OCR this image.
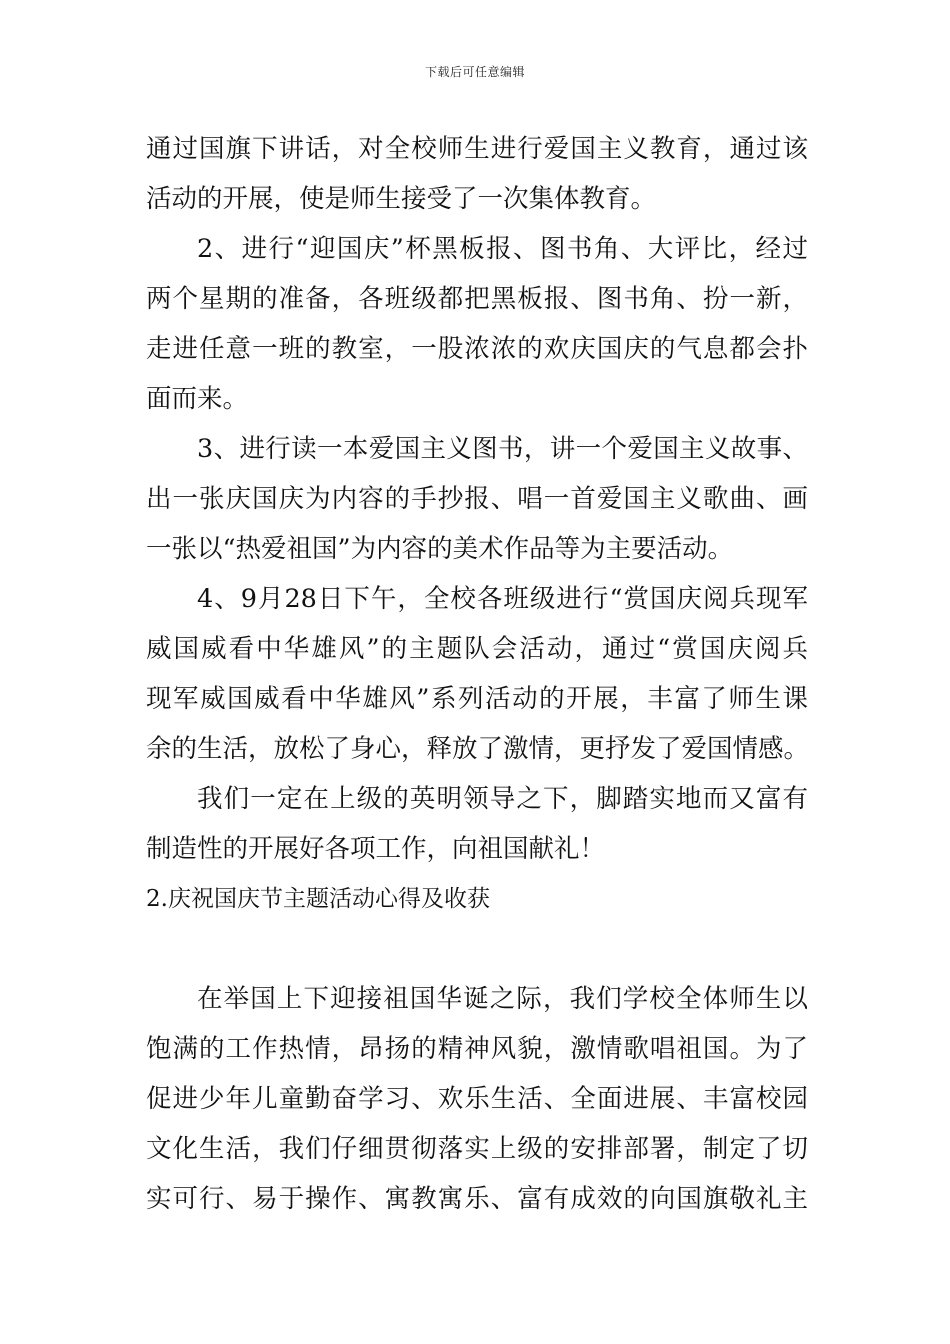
下载后可任意编辑
通过国旗下讲话，对全校师生进行爱国主义教育，通过该
活动的开展，使是师生接受了一次集体教育。
2、进行“迎国庆”杯黑板报、图书角、大评比，经过
两个星期的准备，各班级都把黑板报、图书角、扮一新，
走进任意一班的教室，一股浓浓的欢庆国庆的气息都会扑
面而来。
3、进行读一本爱国主义图书，讲一个爱国主义故事、
出一张庆国庆为内容的手抄报、唱一首爱国主义歌曲、画
一张以“热爱祖国”为内容的美术作品等为主要活动。
4、9月28日下午，全校各班级进行“赏国庆阅兵现军
威国威看中华雄风”的主题队会活动，通过“赏国庆阅兵
现军威国威看中华雄风”系列活动的开展，丰富了师生课
余的生活，放松了身心，释放了激情，更抒发了爱国情感。
我们一定在上级的英明领导之下，脚踏实地而又富有
制造性的开展好各项工作，向祖国献礼！
2.庆祝国庆节主题活动心得及收获
在举国上下迎接祖国华诞之际，我们学校全体师生以
饱满的工作热情，昂扬的精神风貌，激情歌唱祖国。为了
促进少年儿童勤奋学习、欢乐生活、全面进展、丰富校园
文化生活，我们仔细贯彻落实上级的安排部署，制定了切
实可行、易于操作、寓教寓乐、富有成效的向国旗敬礼主
